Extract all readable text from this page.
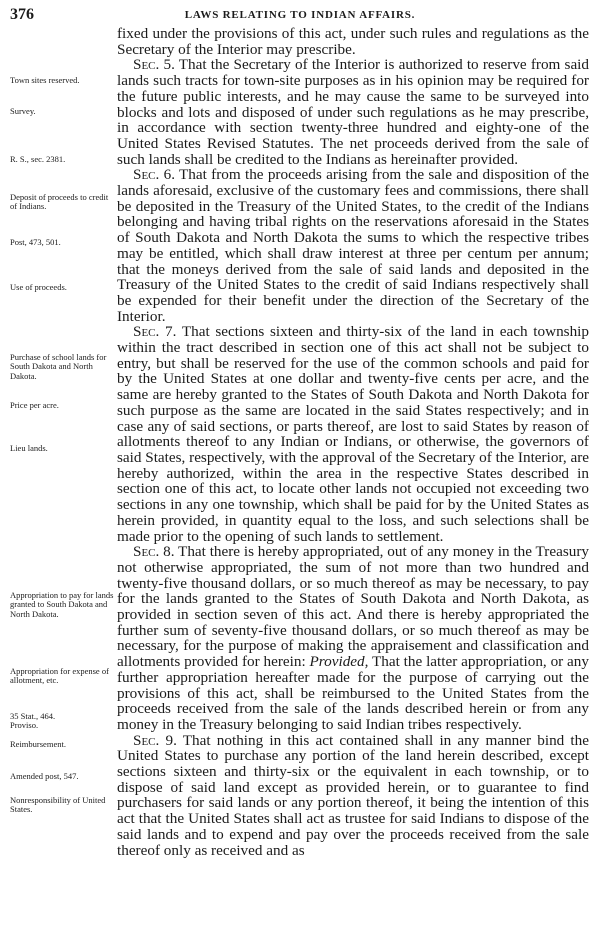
376	LAWS RELATING TO INDIAN AFFAIRS.
Town sites reserved.
Survey.
R. S., sec. 2381.
Deposit of proceeds to credit of Indians.
Post, 473, 501.
Use of proceeds.
Purchase of school lands for South Dakota and North Dakota.
Price per acre.
Lieu lands.
Appropriation to pay for lands granted to South Dakota and North Dakota.
Appropriation for expense of allotment, etc.
35 Stat., 464. Proviso.
Reimbursement.
Amended post, 547.
Nonresponsibility of United States.

fixed under the provisions of this act, under such rules and regulations as the Secretary of the Interior may prescribe.

Sec. 5. That the Secretary of the Interior is authorized to reserve from said lands such tracts for town-site purposes as in his opinion may be required for the future public interests, and he may cause the same to be surveyed into blocks and lots and disposed of under such regulations as he may prescribe, in accordance with section twenty-three hundred and eighty-one of the United States Revised Statutes. The net proceeds derived from the sale of such lands shall be credited to the Indians as hereinafter provided.

Sec. 6. That from the proceeds arising from the sale and disposition of the lands aforesaid, exclusive of the customary fees and commissions, there shall be deposited in the Treasury of the United States, to the credit of the Indians belonging and having tribal rights on the reservations aforesaid in the States of South Dakota and North Dakota the sums to which the respective tribes may be entitled, which shall draw interest at three per centum per annum; that the moneys derived from the sale of said lands and deposited in the Treasury of the United States to the credit of said Indians respectively shall be expended for their benefit under the direction of the Secretary of the Interior.

Sec. 7. That sections sixteen and thirty-six of the land in each township within the tract described in section one of this act shall not be subject to entry, but shall be reserved for the use of the common schools and paid for by the United States at one dollar and twenty-five cents per acre, and the same are hereby granted to the States of South Dakota and North Dakota for such purpose as the same are located in the said States respectively; and in case any of said sections, or parts thereof, are lost to said States by reason of allotments thereof to any Indian or Indians, or otherwise, the governors of said States, respectively, with the approval of the Secretary of the Interior, are hereby authorized, within the area in the respective States described in section one of this act, to locate other lands not occupied not exceeding two sections in any one township, which shall be paid for by the United States as herein provided, in quantity equal to the loss, and such selections shall be made prior to the opening of such lands to settlement.

Sec. 8. That there is hereby appropriated, out of any money in the Treasury not otherwise appropriated, the sum of not more than two hundred and twenty-five thousand dollars, or so much thereof as may be necessary, to pay for the lands granted to the States of South Dakota and North Dakota, as provided in section seven of this act. And there is hereby appropriated the further sum of seventy-five thousand dollars, or so much thereof as may be necessary, for the purpose of making the appraisement and classification and allotments provided for herein: Provided, That the latter appropriation, or any further appropriation hereafter made for the purpose of carrying out the provisions of this act, shall be reimbursed to the United States from the proceeds received from the sale of the lands described herein or from any money in the Treasury belonging to said Indian tribes respectively.

Sec. 9. That nothing in this act contained shall in any manner bind the United States to purchase any portion of the land herein described, except sections sixteen and thirty-six or the equivalent in each township, or to dispose of said land except as provided herein, or to guarantee to find purchasers for said lands or any portion thereof, it being the intention of this act that the United States shall act as trustee for said Indians to dispose of the said lands and to expend and pay over the proceeds received from the sale thereof only as received and as
